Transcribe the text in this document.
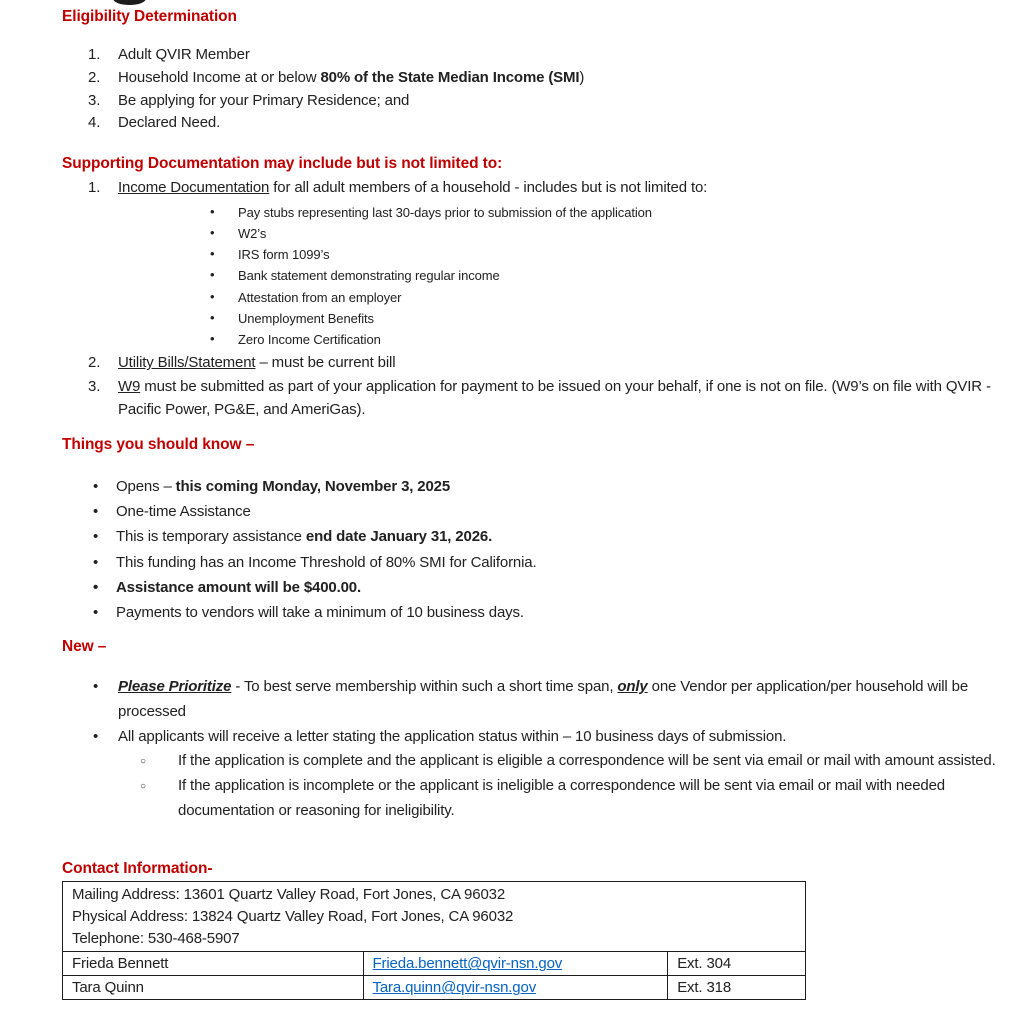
Eligibility Determination
1. Adult QVIR Member
2. Household Income at or below 80% of the State Median Income (SMI)
3. Be applying for your Primary Residence; and
4. Declared Need.
Supporting Documentation may include but is not limited to:
1. Income Documentation for all adult members of a household - includes but is not limited to:
• Pay stubs representing last 30-days prior to submission of the application
• W2’s
• IRS form 1099’s
• Bank statement demonstrating regular income
• Attestation from an employer
• Unemployment Benefits
• Zero Income Certification
2. Utility Bills/Statement – must be current bill
3. W9 must be submitted as part of your application for payment to be issued on your behalf, if one is not on file. (W9’s on file with QVIR - Pacific Power, PG&E, and AmeriGas).
Things you should know –
• Opens – this coming Monday, November 3, 2025
• One-time Assistance
• This is temporary assistance end date January 31, 2026.
• This funding has an Income Threshold of 80% SMI for California.
• Assistance amount will be $400.00.
• Payments to vendors will take a minimum of 10 business days.
New –
• Please Prioritize - To best serve membership within such a short time span, only one Vendor per application/per household will be processed
• All applicants will receive a letter stating the application status within – 10 business days of submission.
○ If the application is complete and the applicant is eligible a correspondence will be sent via email or mail with amount assisted.
○ If the application is incomplete or the applicant is ineligible a correspondence will be sent via email or mail with needed documentation or reasoning for ineligibility.
Contact Information-
Mailing Address: 13601 Quartz Valley Road, Fort Jones, CA 96032
Physical Address: 13824 Quartz Valley Road, Fort Jones, CA 96032
Telephone: 530-468-5907		

Frieda Bennett	Frieda.bennett@qvir-nsn.gov	Ext. 304
Tara Quinn	Tara.quinn@qvir-nsn.gov	Ext. 318
